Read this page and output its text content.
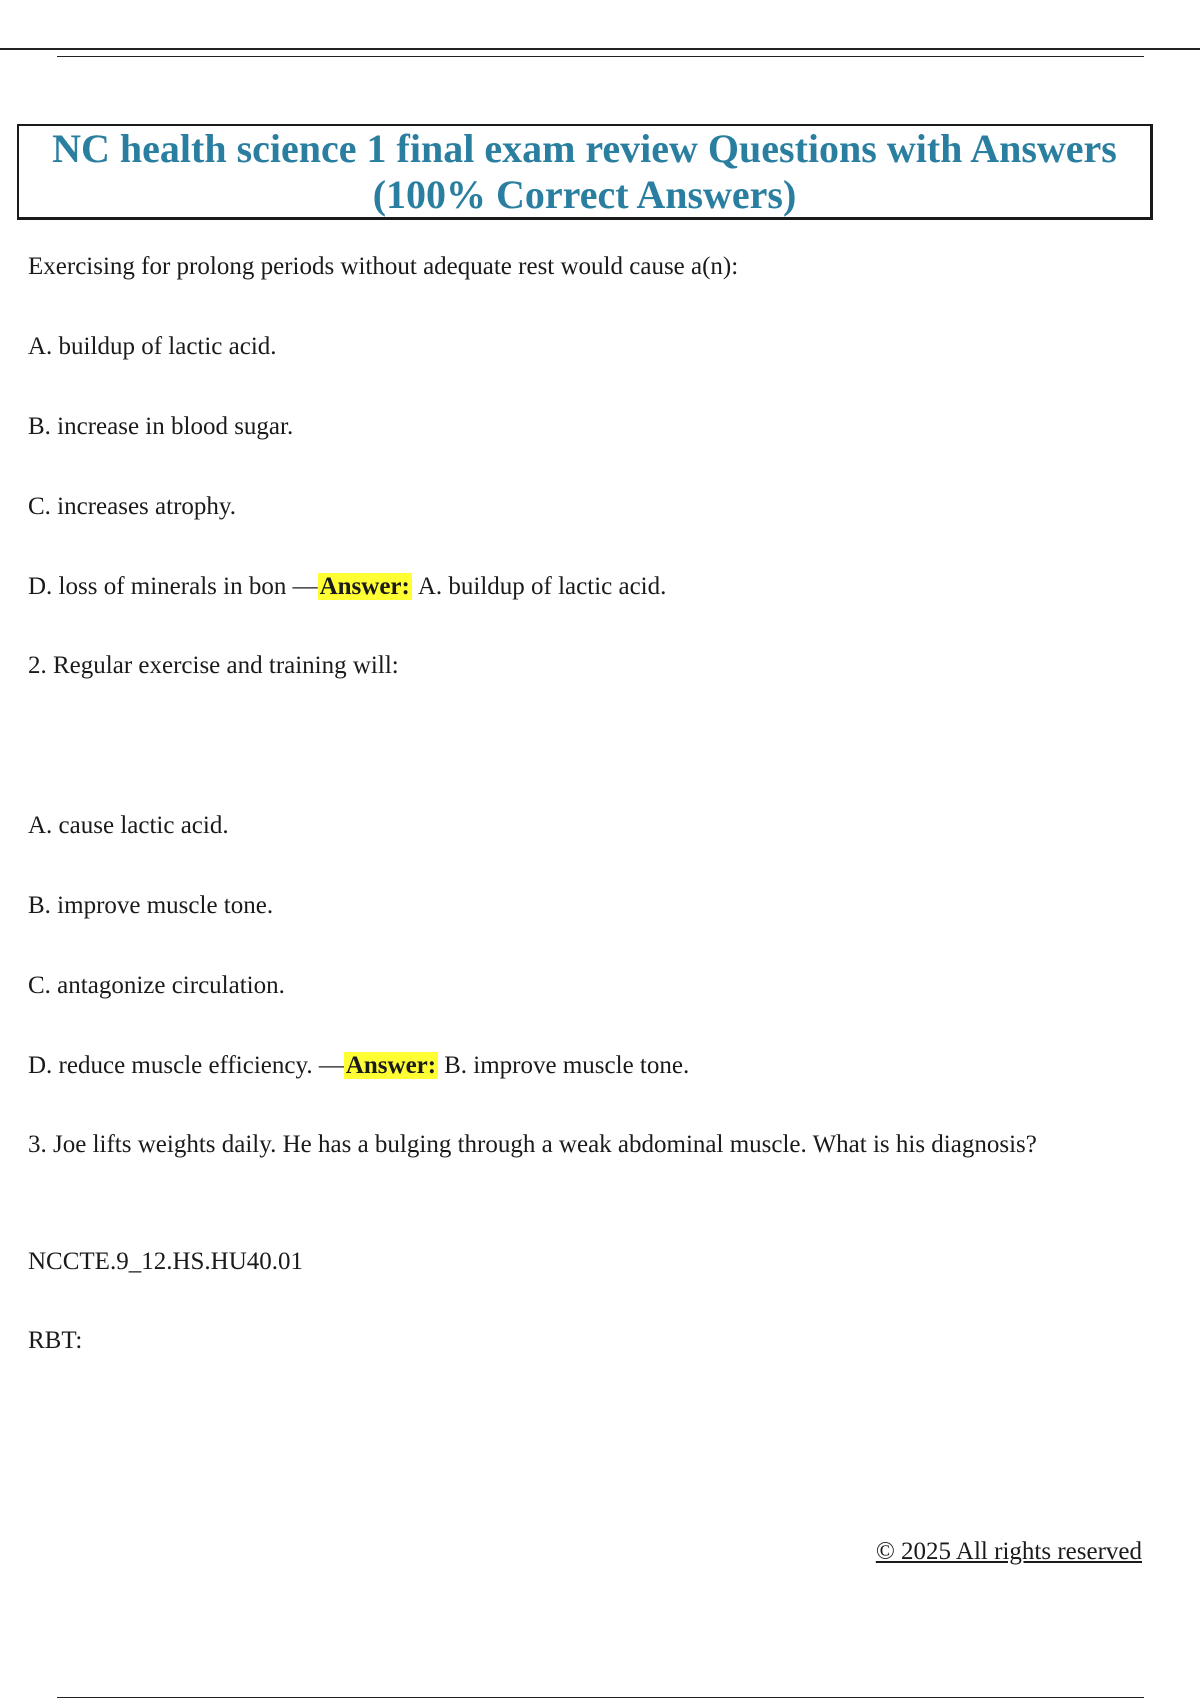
NC health science 1 final exam review Questions with Answers (100% Correct Answers)

Exercising for prolong periods without adequate rest would cause a(n):

A. buildup of lactic acid.

B. increase in blood sugar.

C. increases atrophy.

D. loss of minerals in bon —Answer: A. buildup of lactic acid.

2. Regular exercise and training will:

A. cause lactic acid.

B. improve muscle tone.

C. antagonize circulation.

D. reduce muscle efficiency. —Answer: B. improve muscle tone.

3. Joe lifts weights daily. He has a bulging through a weak abdominal muscle. What is his diagnosis?

NCCTE.9_12.HS.HU40.01

RBT:

© 2025 All rights reserved
